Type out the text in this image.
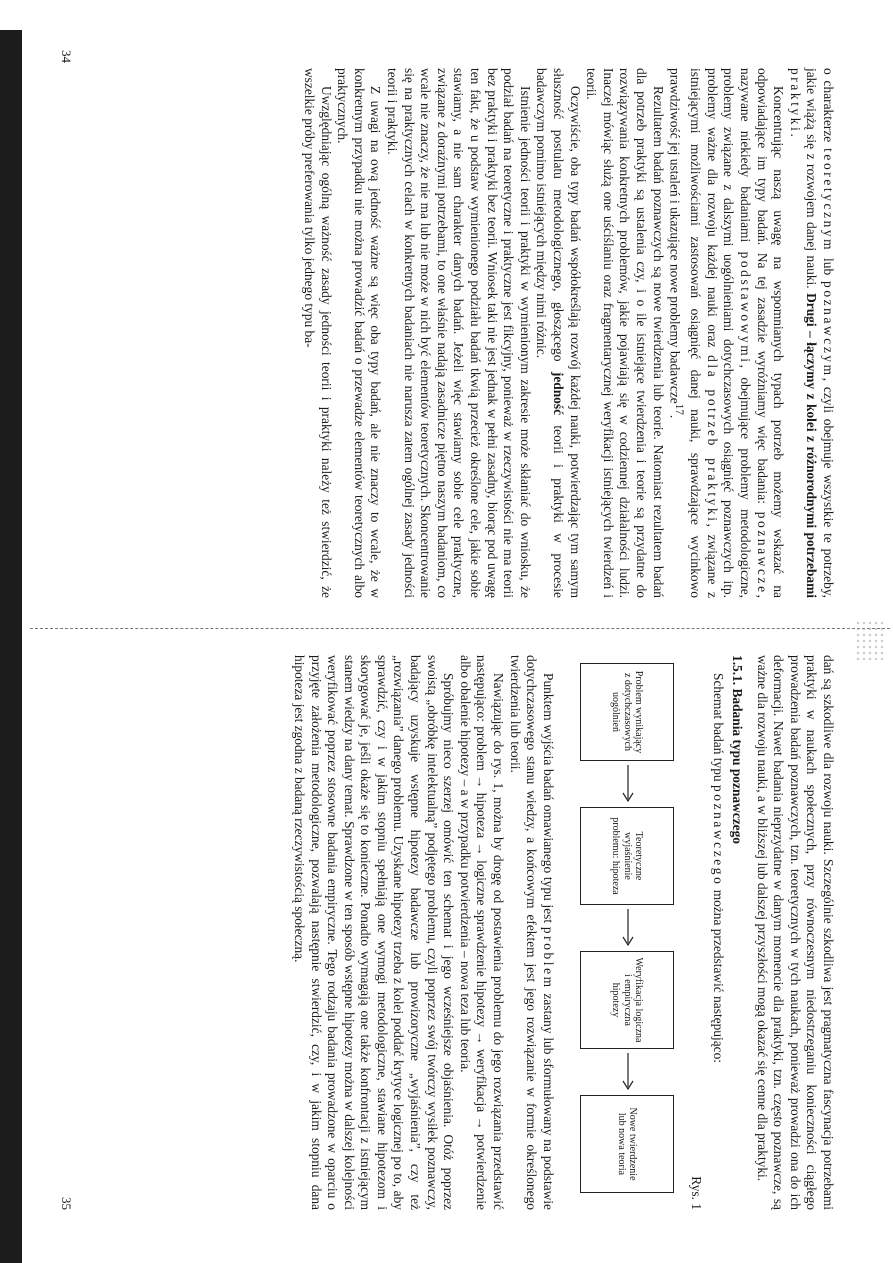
34

o charakterze teoretycznym lub poznawczym, czyli obejmuje wszystkie te potrzeby, jakie wiążą się z rozwojem danej nauki. Drugi – łączymy z kolei z różnorodnymi potrzebami praktyki.

Koncentrując naszą uwagę na wspomnianych typach potrzeb możemy wskazać na odpowiadające im typy badań. Na tej zasadzie wyróżniamy więc badania: poznawcze, nazywane niekiedy badaniami podstawowymi, obejmujące problemy metodologiczne, problemy związane z dalszymi uogólnieniami dotychczasowych osiągnięć poznawczych itp. problemy ważne dla rozwoju każdej nauki oraz dla potrzeb praktyki, związane z istniejącymi możliwościami zastosowań osiągnięć danej nauki, sprawdzające wycinkowo prawdziwość jej ustaleń i ukazujące nowe problemy badawcze$^{17}$.

Rezultatem badań poznawczych są nowe twierdzenia lub teorie. Natomiast rezultatem badań dla potrzeb praktyki są ustalenia czy, i o ile istniejące twierdzenia i teorie są przydatne do rozwiązywania konkretnych problemów, jakie pojawiają się w codziennej działalności ludzi. Inaczej mówiąc służą one uściślaniu oraz fragmentarycznej weryfikacji istniejących twierdzeń i teorii.

Oczywiście, oba typy badań współokreślają rozwój każdej nauki, potwierdzając tym samym słuszność postulatu metodologicznego, głoszącego jedność teorii i praktyki w procesie badawczym pomimo istniejących między nimi różnic.

Istnienie jedności teorii i praktyki w wymienionym zakresie może skłaniać do wniosku, że podział badań na teoretyczne i praktyczne jest fikcyjny, ponieważ w rzeczywistości nie ma teorii bez praktyki i praktyki bez teorii. Wniosek taki nie jest jednak w pełni zasadny, biorąc pod uwagę ten fakt, że u podstaw wymienionego podziału badań tkwią przecież określone cele, jakie sobie stawiamy, a nie sam charakter danych badań. Jeżeli więc stawiamy sobie cele praktyczne, związane z doraźnymi potrzebami, to one właśnie nadają zasadnicze piętno naszym badaniom, co wcale nie znaczy, że nie ma lub nie może w nich być elementów teoretycznych. Skoncentrowanie się na praktycznych celach w konkretnych badaniach nie narusza zatem ogólnej zasady jedności teorii i praktyki.

Z uwagi na ową jedność ważne są więc oba typy badań, ale nie znaczy to wcale, że w konkretnym przypadku nie można prowadzić badań o przewadze elementów teoretycznych albo praktycznych.

Uwzględniając ogólną ważność zasady jedności teorii i praktyki należy też stwierdzić, że wszelkie próby preferowania tylko jednego typu ba-

35	dań są szkodliwe dla rozwoju nauki. Szczególnie szkodliwa jest pragmatyczna fascynacja potrzebami praktyki w naukach społecznych, przy równoczesnym niedostrzeganiu konieczności ciągłego prowadzenia badań poznawczych, tzn. teoretycznych w tych naukach, ponieważ prowadzi ona do ich deformacji. Nawet badania nieprzydatne w danym momencie dla praktyki, tzn. często poznawcze, są ważne dla rozwoju nauki, a w bliższej lub dalszej przyszłości mogą okazać się cenne dla praktyki.

1.5.1. Badania typu poznawczego

Schemat badań typu poznawczego można przedstawić następująco:

Rys. 1
Problem wynikający z dotychczasowych uogólnień
Teoretyczne wyjaśnienie problemu: hipoteza
Weryfikacja logiczna i empiryczna hipotezy
Nowe twierdzenie lub nowa teoria

Punktem wyjścia badań omawianego typu jest problem zastany lub sformułowany na podstawie dotychczasowego stanu wiedzy, a końcowym efektem jest jego rozwiązanie w formie określonego twierdzenia lub teorii.

Nawiązując do rys. 1, można by drogę od postawienia problemu do jego rozwiązania przedstawić następująco: problem → hipoteza → logiczne sprawdzenie hipotezy → weryfikacja → potwierdzenie albo obalenie hipotezy – a w przypadku potwierdzenia – nowa teza lub teoria.

Spróbujmy nieco szerzej omówić ten schemat i jego wcześniejsze objaśnienia. Otóż poprzez swoistą „obróbkę intelektualną” podjętego problemu, czyli poprzez swój twórczy wysiłek poznawczy, badający uzyskuje wstępne hipotezy badawcze lub prowizoryczne „wyjaśnienia”, czy też „rozwiązania” danego problemu. Uzyskane hipotezy trzeba z kolei poddać krytyce logicznej po to, aby sprawdzić, czy i w jakim stopniu spełniają one wymogi metodologiczne, stawiane hipotezom i skorygować je, jeśli okaże się to konieczne. Ponadto wymagają one także konfrontacji z istniejącym stanem wiedzy na dany temat. Sprawdzone w ten sposób wstępne hipotezy można w dalszej kolejności weryfikować poprzez stosowne badania empiryczne. Tego rodzaju badania prowadzone w oparciu o przyjęte założenia metodologiczne, pozwalają następnie stwierdzić, czy, i w jakim stopniu dana hipoteza jest zgodna z badaną rzeczywistością społeczną.
